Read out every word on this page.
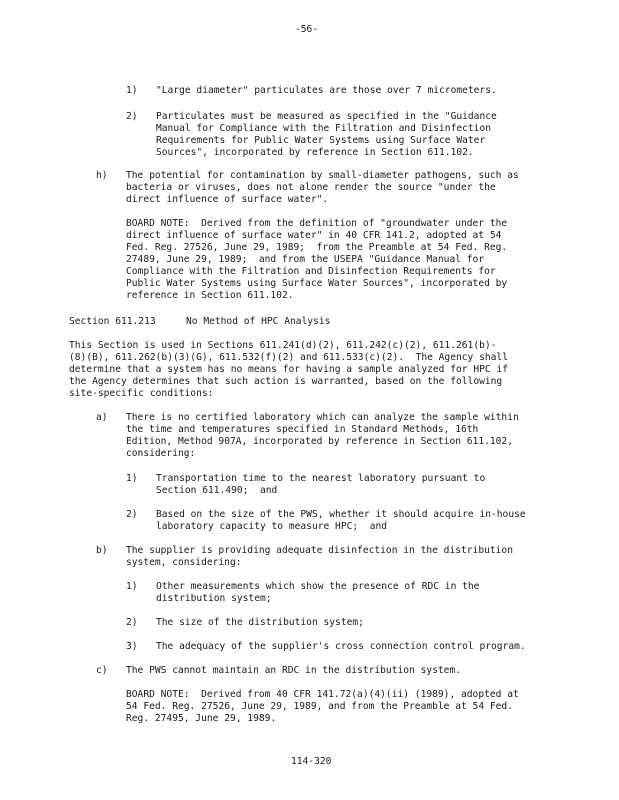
-56-
1) "Large diameter" particulates are those over 7 micrometers.
2) Particulates must be measured as specified in the "Guidance
Manual for Compliance with the Filtration and Disinfection
Requirements for Public Water Systems using Surface Water
Sources", incorporated by reference in Section 611.102.
h) The potential for contamination by small-diameter pathogens, such as
bacteria or viruses, does not alone render the source "under the
direct influence of surface water".
BOARD NOTE:  Derived from the definition of "groundwater under the
direct influence of surface water" in 40 CFR 141.2, adopted at 54
Fed. Reg. 27526, June 29, 1989;  from the Preamble at 54 Fed. Reg.
27489, June 29, 1989;  and from the USEPA "Guidance Manual for
Compliance with the Filtration and Disinfection Requirements for
Public Water Systems using Surface Water Sources", incorporated by
reference in Section 611.102.
Section 611.213	No Method of HPC Analysis
This Section is used in Sections 611.241(d)(2), 611.242(c)(2), 611.261(b)-
(8)(B), 611.262(b)(3)(G), 611.532(f)(2) and 611.533(c)(2).  The Agency shall
determine that a system has no means for having a sample analyzed for HPC if
the Agency determines that such action is warranted, based on the following
site-specific conditions:
a) There is no certified laboratory which can analyze the sample within
the time and temperatures specified in Standard Methods, 16th
Edition, Method 907A, incorporated by reference in Section 611.102,
considering:
1) Transportation time to the nearest laboratory pursuant to
Section 611.490;  and
2) Based on the size of the PWS, whether it should acquire in-house
laboratory capacity to measure HPC;  and
b) The supplier is providing adequate disinfection in the distribution
system, considering:
1) Other measurements which show the presence of RDC in the
distribution system;
2) The size of the distribution system;
3) The adequacy of the supplier's cross connection control program.
c) The PWS cannot maintain an RDC in the distribution system.
BOARD NOTE:  Derived from 40 CFR 141.72(a)(4)(ii) (1989), adopted at
54 Fed. Reg. 27526, June 29, 1989, and from the Preamble at 54 Fed.
Reg. 27495, June 29, 1989.
114-320
